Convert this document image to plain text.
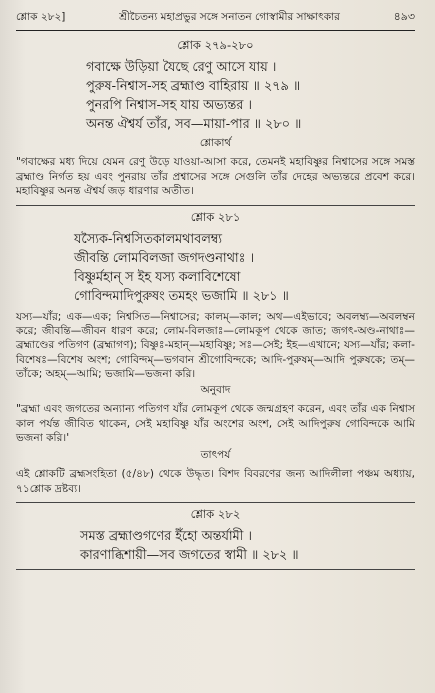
শ্লোক ২৮২]	শ্রীচৈতন্য মহাপ্রভুর সঙ্গে সনাতন গোস্বামীর সাক্ষাৎকার	৪৯৩
শ্লোক ২৭৯-২৮০
গবাক্ষে উড়িয়া যৈছে রেণু আসে যায় ।
পুরুষ-নিশ্বাস-সহ ব্রহ্মাণ্ড বাহিরায় ॥ ২৭৯ ॥
পুনরপি নিশ্বাস-সহ যায় অভ্যন্তর ।
অনন্ত ঐশ্বর্য তাঁর, সব—মায়া-পার ॥ ২৮০ ॥
শ্লোকার্থ
"গবাক্ষের মধ্য দিয়ে যেমন রেণু উড়ে যাওয়া-আসা করে, তেমনই মহাবিষ্ণুর নিশ্বাসের সঙ্গে সমস্ত ব্রহ্মাণ্ড নির্গত হয় এবং পুনরায় তাঁর প্রশ্বাসের সঙ্গে সেগুলি তাঁর দেহের অভ্যন্তরে প্রবেশ করে। মহাবিষ্ণুর অনন্ত ঐশ্বর্য জড় ধারণার অতীত।
শ্লোক ২৮১
যস্যৈক-নিশ্বসিতকালমথাবলম্ব্য
জীবন্তি লোমবিলজা জগদণ্ডনাথাঃ ।
বিষ্ণুর্মহান্‌ স ইহ যস্য কলাবিশেষো
গোবিন্দমাদিপুরুষং তমহং ভজামি ॥ ২৮১ ॥
যস্য—যাঁর; এক—এক; নিশ্বসিত—নিশ্বাসের; কালম্‌—কাল; অথ—এইভাবে; অবলম্ব্য—অবলম্বন করে; জীবন্তি—জীবন ধারণ করে; লোম-বিলজাঃ—লোমকূপ থেকে জাত; জগৎ-অণ্ড-নাথাঃ—ব্রহ্মাণ্ডের পতিগণ (ব্রহ্মাগণ); বিষ্ণুঃ-মহান্‌—মহাবিষ্ণু; সঃ—সেই; ইহ—এখানে; যস্য—যাঁর; কলা-বিশেষঃ—বিশেষ অংশ; গোবিন্দম্‌—ভগবান শ্রীগোবিন্দকে; আদি-পুরুষম্‌—আদি পুরুষকে; তম্‌—তাঁকে; অহম্‌—আমি; ভজামি—ভজনা করি।
অনুবাদ
"ব্রহ্মা এবং জগতের অন্যান্য পতিগণ যাঁর লোমকূপ থেকে জন্মগ্রহণ করেন, এবং তাঁর এক নিশ্বাস কাল পর্যন্ত জীবিত থাকেন, সেই মহাবিষ্ণু যাঁর অংশের অংশ, সেই আদিপুরুষ গোবিন্দকে আমি ভজনা করি।'
তাৎপর্য
এই শ্লোকটি ব্রহ্মসংহিতা (৫/৪৮) থেকে উদ্ধৃত। বিশদ বিবরণের জন্য আদিলীলা পঞ্চম অধ্যায়, ৭১শ্লোক দ্রষ্টব্য।
শ্লোক ২৮২
সমস্ত ব্রহ্মাণ্ডগণের ইঁহো অন্তর্যামী ।
কারণাব্ধিশায়ী—সব জগতের স্বামী ॥ ২৮২ ॥
